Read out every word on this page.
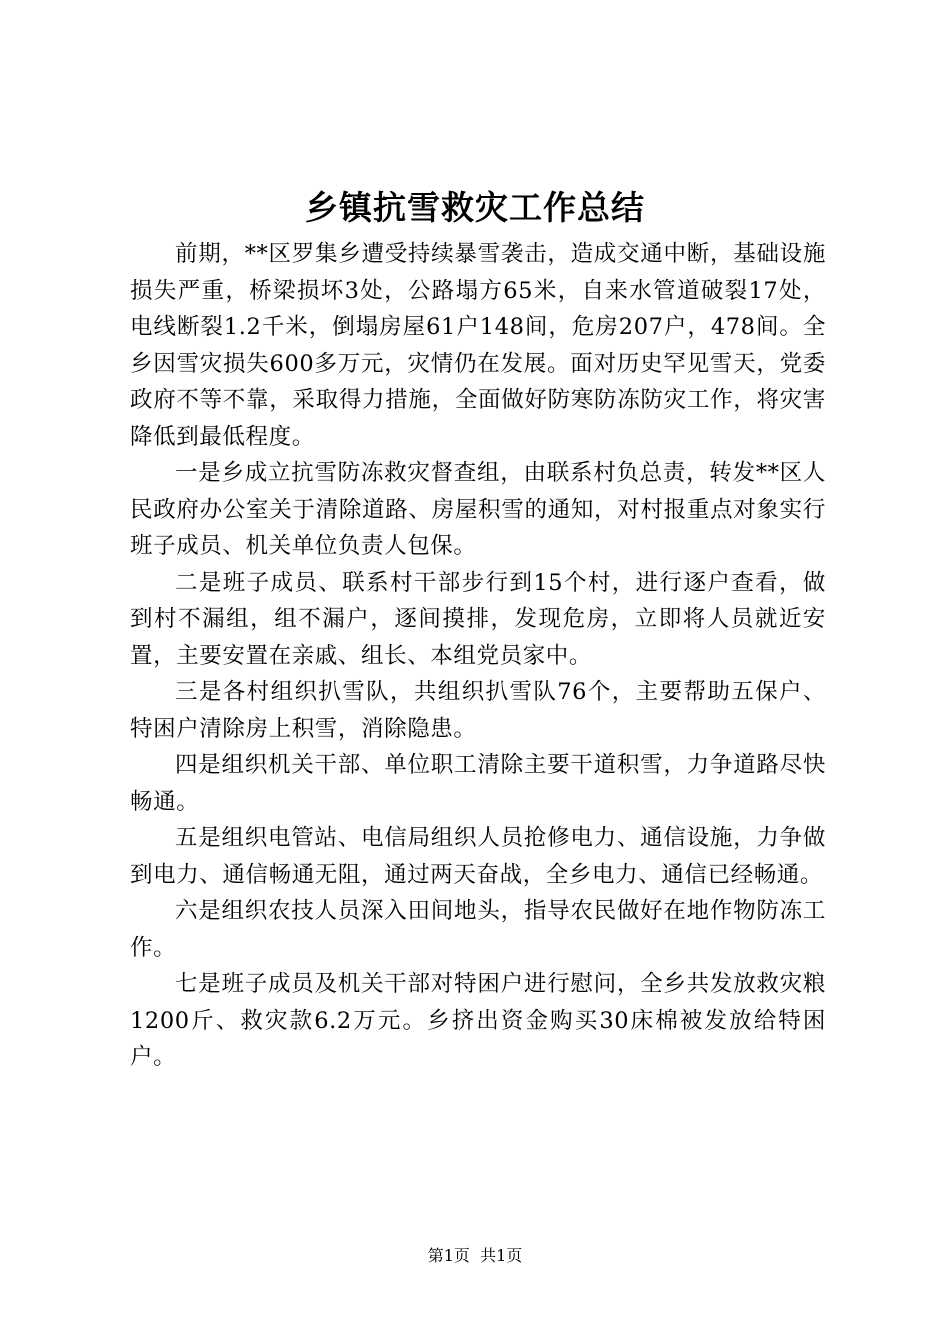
乡镇抗雪救灾工作总结

前期，**区罗集乡遭受持续暴雪袭击，造成交通中断，基础设施损失严重，桥梁损坏3处，公路塌方65米，自来水管道破裂17处，电线断裂1.2千米，倒塌房屋61户148间，危房207户，478间。全乡因雪灾损失600多万元，灾情仍在发展。面对历史罕见雪天，党委政府不等不靠，采取得力措施，全面做好防寒防冻防灾工作，将灾害降低到最低程度。

一是乡成立抗雪防冻救灾督查组，由联系村负总责，转发**区人民政府办公室关于清除道路、房屋积雪的通知，对村报重点对象实行班子成员、机关单位负责人包保。

二是班子成员、联系村干部步行到15个村，进行逐户查看，做到村不漏组，组不漏户，逐间摸排，发现危房，立即将人员就近安置，主要安置在亲戚、组长、本组党员家中。

三是各村组织扒雪队，共组织扒雪队76个，主要帮助五保户、特困户清除房上积雪，消除隐患。

四是组织机关干部、单位职工清除主要干道积雪，力争道路尽快畅通。

五是组织电管站、电信局组织人员抢修电力、通信设施，力争做到电力、通信畅通无阻，通过两天奋战，全乡电力、通信已经畅通。

六是组织农技人员深入田间地头，指导农民做好在地作物防冻工作。

七是班子成员及机关干部对特困户进行慰问，全乡共发放救灾粮1200斤、救灾款6.2万元。乡挤出资金购买30床棉被发放给特困户。

第1页  共1页
